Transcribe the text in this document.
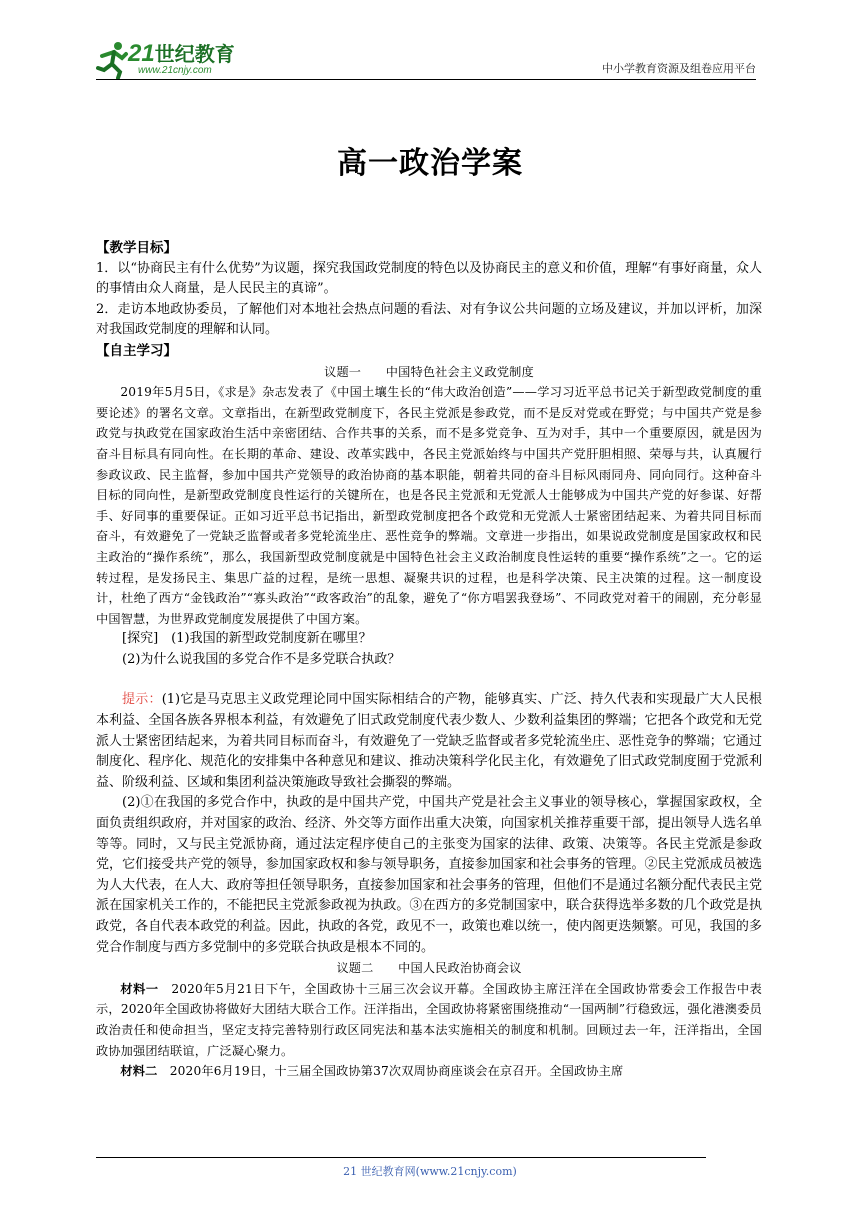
21世纪教育
www.21cnjy.com	中小学教育资源及组卷应用平台
高一政治学案

【教学目标】

1．以“协商民主有什么优势”为议题，探究我国政党制度的特色以及协商民主的意义和价值，理解“有事好商量，众人的事情由众人商量，是人民民主的真谛”。

2．走访本地政协委员，了解他们对本地社会热点问题的看法、对有争议公共问题的立场及建议，并加以评析，加深对我国政党制度的理解和认同。

【自主学习】

议题一　　中国特色社会主义政党制度

2019年5月5日，《求是》杂志发表了《中国土壤生长的“伟大政治创造”——学习习近平总书记关于新型政党制度的重要论述》的署名文章。文章指出，在新型政党制度下，各民主党派是参政党，而不是反对党或在野党；与中国共产党是参政党与执政党在国家政治生活中亲密团结、合作共事的关系，而不是多党竞争、互为对手，其中一个重要原因，就是因为奋斗目标具有同向性。在长期的革命、建设、改革实践中，各民主党派始终与中国共产党肝胆相照、荣辱与共，认真履行参政议政、民主监督，参加中国共产党领导的政治协商的基本职能，朝着共同的奋斗目标风雨同舟、同向同行。这种奋斗目标的同向性，是新型政党制度良性运行的关键所在，也是各民主党派和无党派人士能够成为中国共产党的好参谋、好帮手、好同事的重要保证。正如习近平总书记指出，新型政党制度把各个政党和无党派人士紧密团结起来、为着共同目标而奋斗，有效避免了一党缺乏监督或者多党轮流坐庄、恶性竞争的弊端。文章进一步指出，如果说政党制度是国家政权和民主政治的“操作系统”，那么，我国新型政党制度就是中国特色社会主义政治制度良性运转的重要“操作系统”之一。它的运转过程，是发扬民主、集思广益的过程，是统一思想、凝聚共识的过程，也是科学决策、民主决策的过程。这一制度设计，杜绝了西方“金钱政治”“寡头政治”“政客政治”的乱象，避免了“你方唱罢我登场”、不同政党对着干的闹剧，充分彰显中国智慧，为世界政党制度发展提供了中国方案。

[探究]　 (1)我国的新型政党制度新在哪里？

(2)为什么说我国的多党合作不是多党联合执政？

提示：(1)它是马克思主义政党理论同中国实际相结合的产物，能够真实、广泛、持久代表和实现最广大人民根本利益、全国各族各界根本利益，有效避免了旧式政党制度代表少数人、少数利益集团的弊端；它把各个政党和无党派人士紧密团结起来，为着共同目标而奋斗，有效避免了一党缺乏监督或者多党轮流坐庄、恶性竞争的弊端；它通过制度化、程序化、规范化的安排集中各种意见和建议、推动决策科学化民主化，有效避免了旧式政党制度囿于党派利益、阶级利益、区域和集团利益决策施政导致社会撕裂的弊端。

(2)①在我国的多党合作中，执政的是中国共产党，中国共产党是社会主义事业的领导核心，掌握国家政权，全面负责组织政府，并对国家的政治、经济、外交等方面作出重大决策，向国家机关推荐重要干部，提出领导人选名单等等。同时，又与民主党派协商，通过法定程序使自己的主张变为国家的法律、政策、决策等。各民主党派是参政党，它们接受共产党的领导，参加国家政权和参与领导职务，直接参加国家和社会事务的管理。②民主党派成员被选为人大代表，在人大、政府等担任领导职务，直接参加国家和社会事务的管理，但他们不是通过名额分配代表民主党派在国家机关工作的，不能把民主党派参政视为执政。③在西方的多党制国家中，联合获得选举多数的几个政党是执政党，各自代表本政党的利益。因此，执政的各党，政见不一，政策也难以统一，使内阁更迭频繁。可见，我国的多党合作制度与西方多党制中的多党联合执政是根本不同的。

议题二　　中国人民政治协商会议

材料一　 2020年5月21日下午，全国政协十三届三次会议开幕。全国政协主席汪洋在全国政协常委会工作报告中表示，2020年全国政协将做好大团结大联合工作。汪洋指出，全国政协将紧密围绕推动“一国两制”行稳致远，强化港澳委员政治责任和使命担当，坚定支持完善特别行政区同宪法和基本法实施相关的制度和机制。回顾过去一年，汪洋指出，全国政协加强团结联谊，广泛凝心聚力。

材料二　 2020年6月19日，十三届全国政协第37次双周协商座谈会在京召开。全国政协主席

21 世纪教育网(www.21cnjy.com)
